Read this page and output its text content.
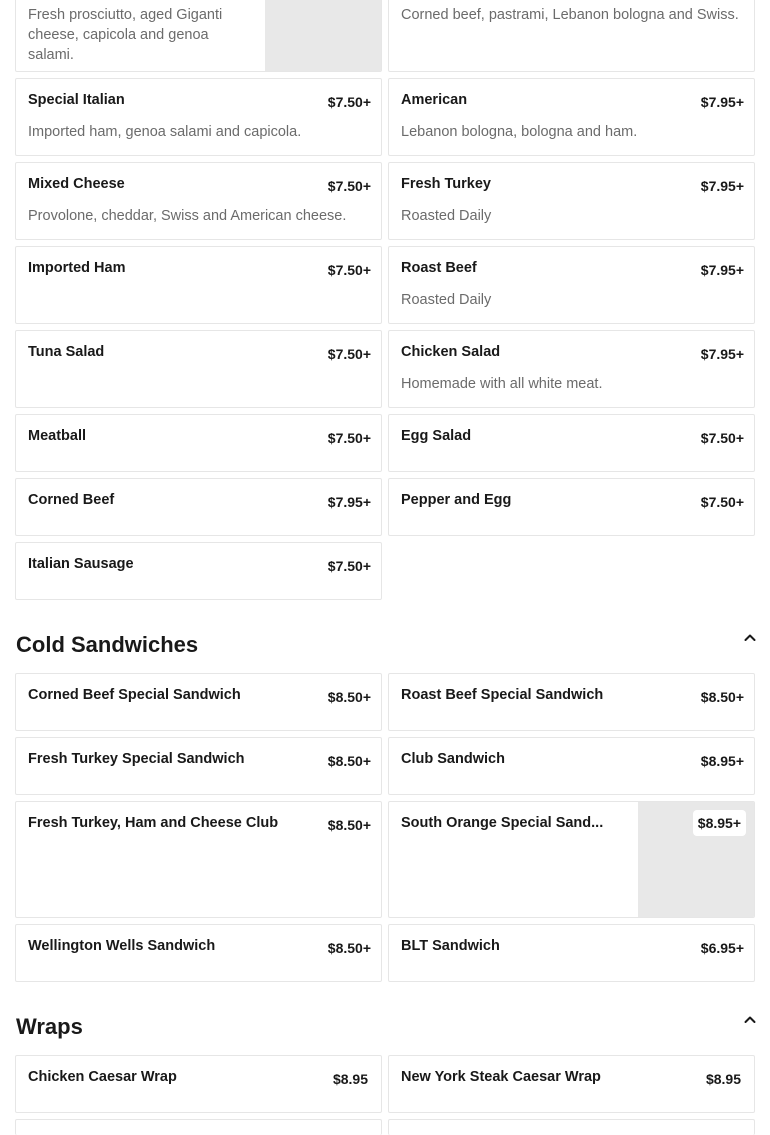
Fresh prosciutto, aged Giganti cheese, capicola and genoa salami.
Corned beef, pastrami, Lebanon bologna and Swiss.
Special Italian	$7.50+
Imported ham, genoa salami and capicola.
American	$7.95+
Lebanon bologna, bologna and ham.
Mixed Cheese	$7.50+
Provolone, cheddar, Swiss and American cheese.
Fresh Turkey	$7.95+
Roasted Daily
Imported Ham	$7.50+ Roast Beef	$7.95+
Roasted Daily
Tuna Salad	$7.50+ Chicken Salad	$7.95+
Homemade with all white meat.
Meatball	$7.50+ Egg Salad	$7.50+
Corned Beef	$7.95+ Pepper and Egg	$7.50+
Italian Sausage	$7.50+
Cold Sandwiches
Corned Beef Special Sandwich	$8.50+ Roast Beef Special Sandwich	$8.50+
Fresh Turkey Special Sandwich	$8.50+ Club Sandwich	$8.95+
Fresh Turkey, Ham and Cheese Club	$8.50+ South Orange Special Sand...	$8.95+
Wellington Wells Sandwich	$8.50+ BLT Sandwich	$6.95+
Wraps
Chicken Caesar Wrap	$8.95 New York Steak Caesar Wrap	$8.95
